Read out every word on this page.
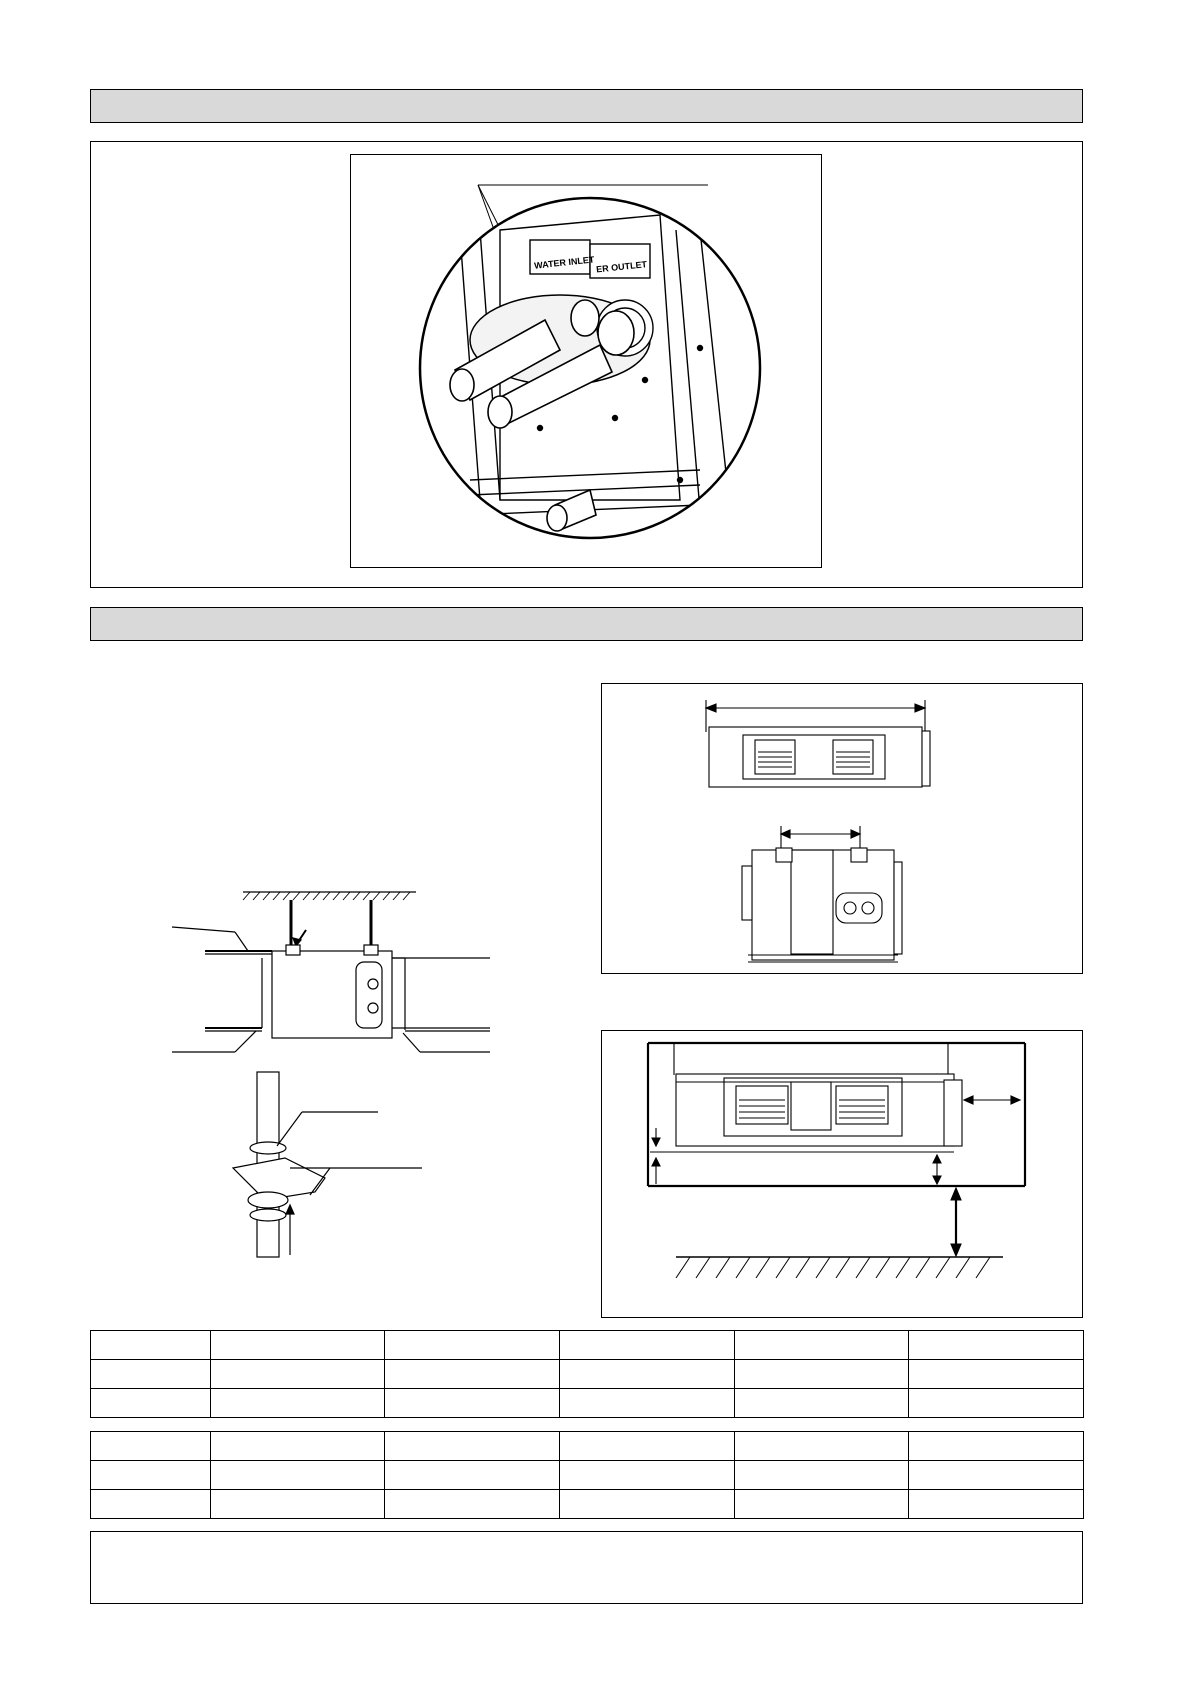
WATER INLET ER OUTLET
